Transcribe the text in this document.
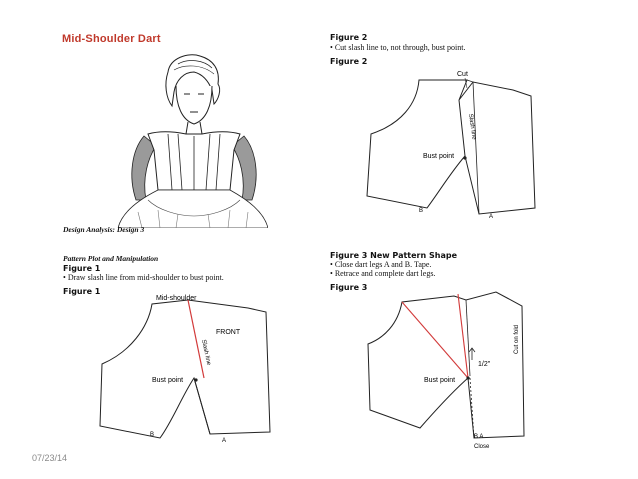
Mid-Shoulder Dart
Design Analysis: Design 3
Pattern Plot and Manipulation
Figure 1
• Draw slash line from mid-shoulder to bust point.
Figure 1
Mid-shoulder
FRONT
Slash line
Bust point
B
A
Figure 2
• Cut slash line to, not through, bust point.
Figure 2
Cut
Slash line
Bust point
B
A
Figure 3 New Pattern Shape
• Close dart legs A and B. Tape.
• Retrace and complete dart legs.
Figure 3
1/2"
Bust point
Cut on fold
B A
Close
07/23/14
